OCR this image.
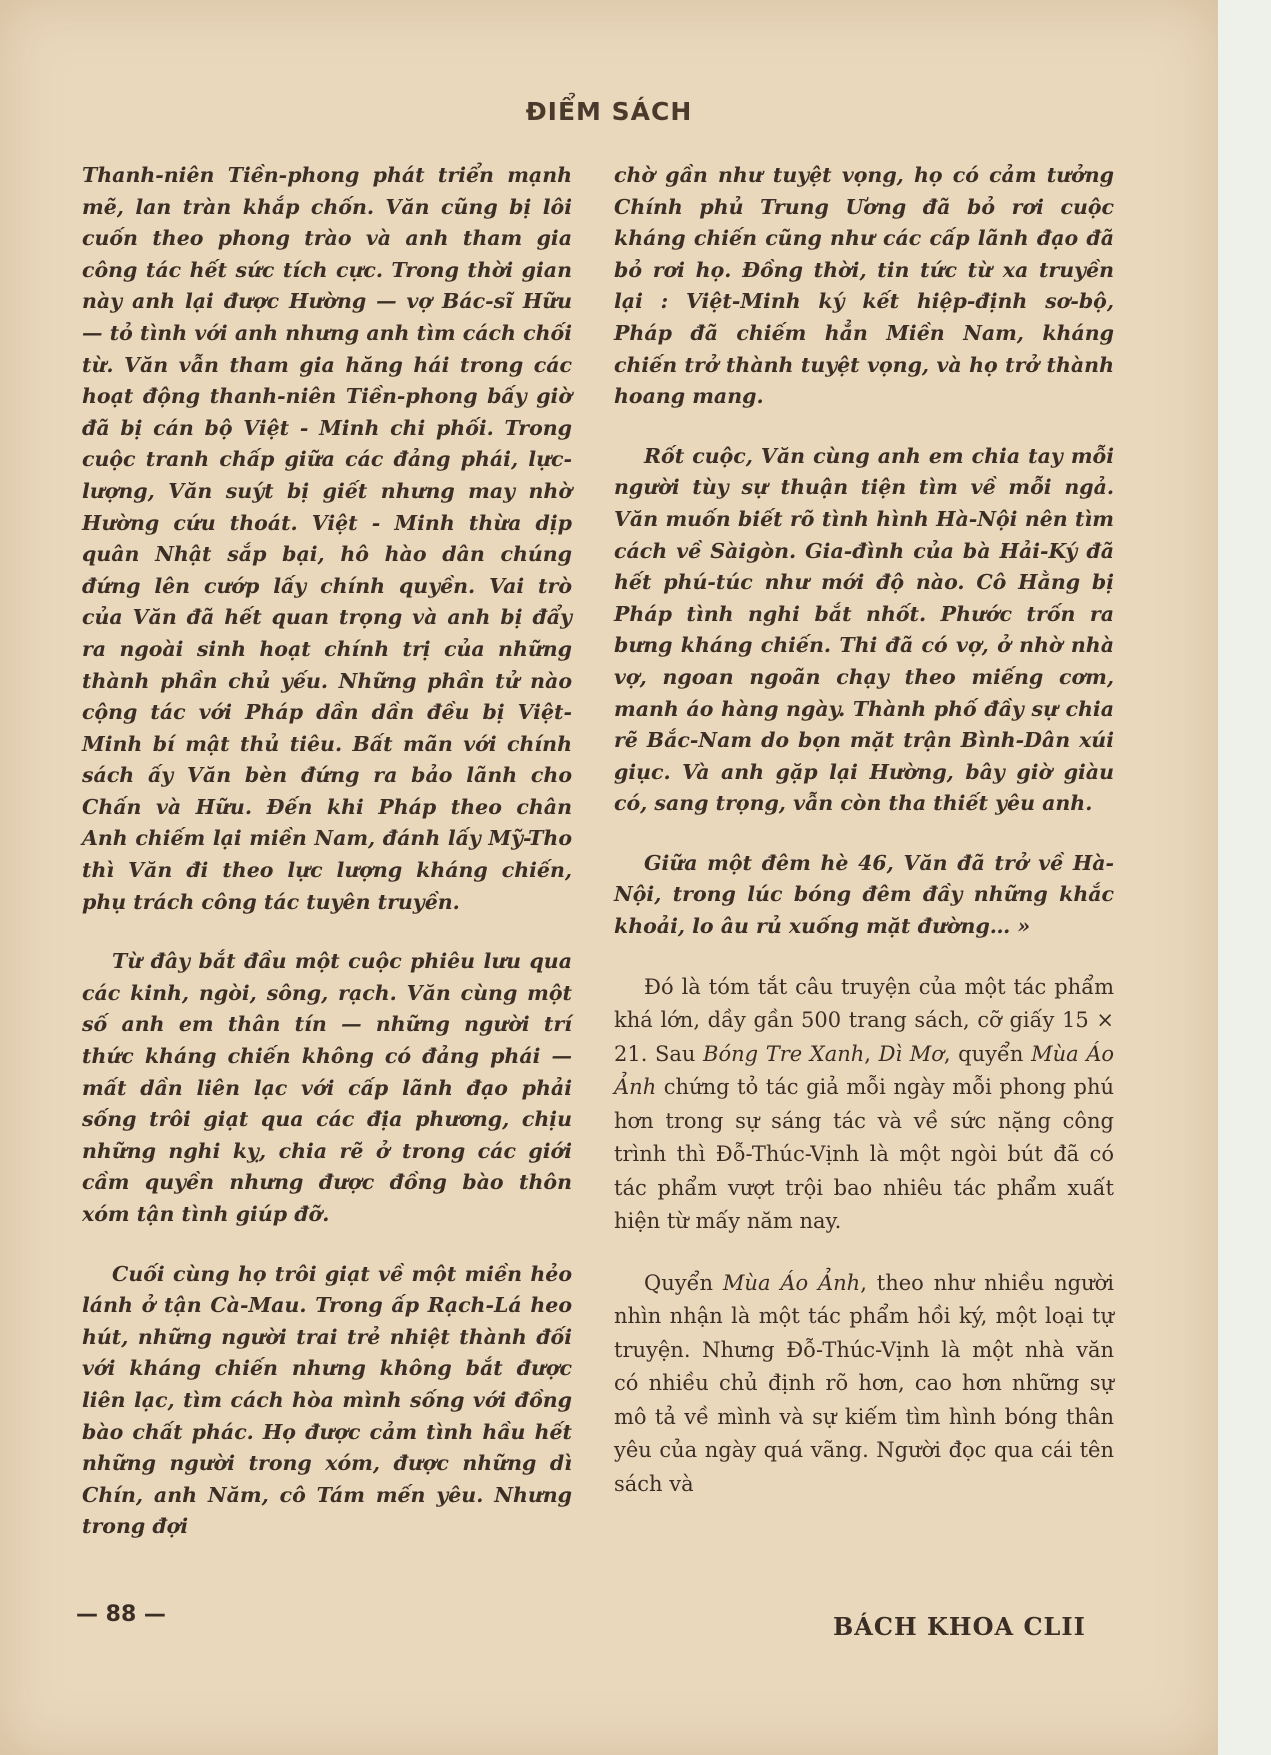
ĐIỂM SÁCH

Thanh-niên Tiền-phong phát triển mạnh mẽ, lan tràn khắp chốn. Văn cũng bị lôi cuốn theo phong trào và anh tham gia công tác hết sức tích cực. Trong thời gian này anh lại được Hường — vợ Bác-sĩ Hữu — tỏ tình với anh nhưng anh tìm cách chối từ. Văn vẫn tham gia hăng hái trong các hoạt động thanh-niên Tiền-phong bấy giờ đã bị cán bộ Việt - Minh chi phối. Trong cuộc tranh chấp giữa các đảng phái, lực-lượng, Văn suýt bị giết nhưng may nhờ Hường cứu thoát. Việt - Minh thừa dịp quân Nhật sắp bại, hô hào dân chúng đứng lên cướp lấy chính quyền. Vai trò của Văn đã hết quan trọng và anh bị đẩy ra ngoài sinh hoạt chính trị của những thành phần chủ yếu. Những phần tử nào cộng tác với Pháp dần dần đều bị Việt-Minh bí mật thủ tiêu. Bất mãn với chính sách ấy Văn bèn đứng ra bảo lãnh cho Chấn và Hữu. Đến khi Pháp theo chân Anh chiếm lại miền Nam, đánh lấy Mỹ-Tho thì Văn đi theo lực lượng kháng chiến, phụ trách công tác tuyên truyền.

Từ đây bắt đầu một cuộc phiêu lưu qua các kinh, ngòi, sông, rạch. Văn cùng một số anh em thân tín — những người trí thức kháng chiến không có đảng phái — mất dần liên lạc với cấp lãnh đạo phải sống trôi giạt qua các địa phương, chịu những nghi kỵ, chia rẽ ở trong các giới cầm quyền nhưng được đồng bào thôn xóm tận tình giúp đỡ.

Cuối cùng họ trôi giạt về một miền hẻo lánh ở tận Cà-Mau. Trong ấp Rạch-Lá heo hút, những người trai trẻ nhiệt thành đối với kháng chiến nhưng không bắt được liên lạc, tìm cách hòa mình sống với đồng bào chất phác. Họ được cảm tình hầu hết những người trong xóm, được những dì Chín, anh Năm, cô Tám mến yêu. Nhưng trong đợi

chờ gần như tuyệt vọng, họ có cảm tưởng Chính phủ Trung Ương đã bỏ rơi cuộc kháng chiến cũng như các cấp lãnh đạo đã bỏ rơi họ. Đồng thời, tin tức từ xa truyền lại : Việt-Minh ký kết hiệp-định sơ-bộ, Pháp đã chiếm hẳn Miền Nam, kháng chiến trở thành tuyệt vọng, và họ trở thành hoang mang.

Rốt cuộc, Văn cùng anh em chia tay mỗi người tùy sự thuận tiện tìm về mỗi ngả. Văn muốn biết rõ tình hình Hà-Nội nên tìm cách về Sàigòn. Gia-đình của bà Hải-Ký đã hết phú-túc như mới độ nào. Cô Hằng bị Pháp tình nghi bắt nhốt. Phước trốn ra bưng kháng chiến. Thi đã có vợ, ở nhờ nhà vợ, ngoan ngoãn chạy theo miếng cơm, manh áo hàng ngày. Thành phố đầy sự chia rẽ Bắc-Nam do bọn mặt trận Bình-Dân xúi giục. Và anh gặp lại Hường, bây giờ giàu có, sang trọng, vẫn còn tha thiết yêu anh.

Giữa một đêm hè 46, Văn đã trở về Hà-Nội, trong lúc bóng đêm đầy những khắc khoải, lo âu rủ xuống mặt đường… »

Đó là tóm tắt câu truyện của một tác phẩm khá lớn, dầy gần 500 trang sách, cỡ giấy 15 × 21. Sau Bóng Tre Xanh, Dì Mơ, quyển Mùa Áo Ảnh chứng tỏ tác giả mỗi ngày mỗi phong phú hơn trong sự sáng tác và về sức nặng công trình thì Đỗ-Thúc-Vịnh là một ngòi bút đã có tác phẩm vượt trội bao nhiêu tác phẩm xuất hiện từ mấy năm nay.

Quyển Mùa Áo Ảnh, theo như nhiều người nhìn nhận là một tác phẩm hồi ký, một loại tự truyện. Nhưng Đỗ-Thúc-Vịnh là một nhà văn có nhiều chủ định rõ hơn, cao hơn những sự mô tả về mình và sự kiếm tìm hình bóng thân yêu của ngày quá vãng. Người đọc qua cái tên sách và

— 88 —	BÁCH KHOA CLII
